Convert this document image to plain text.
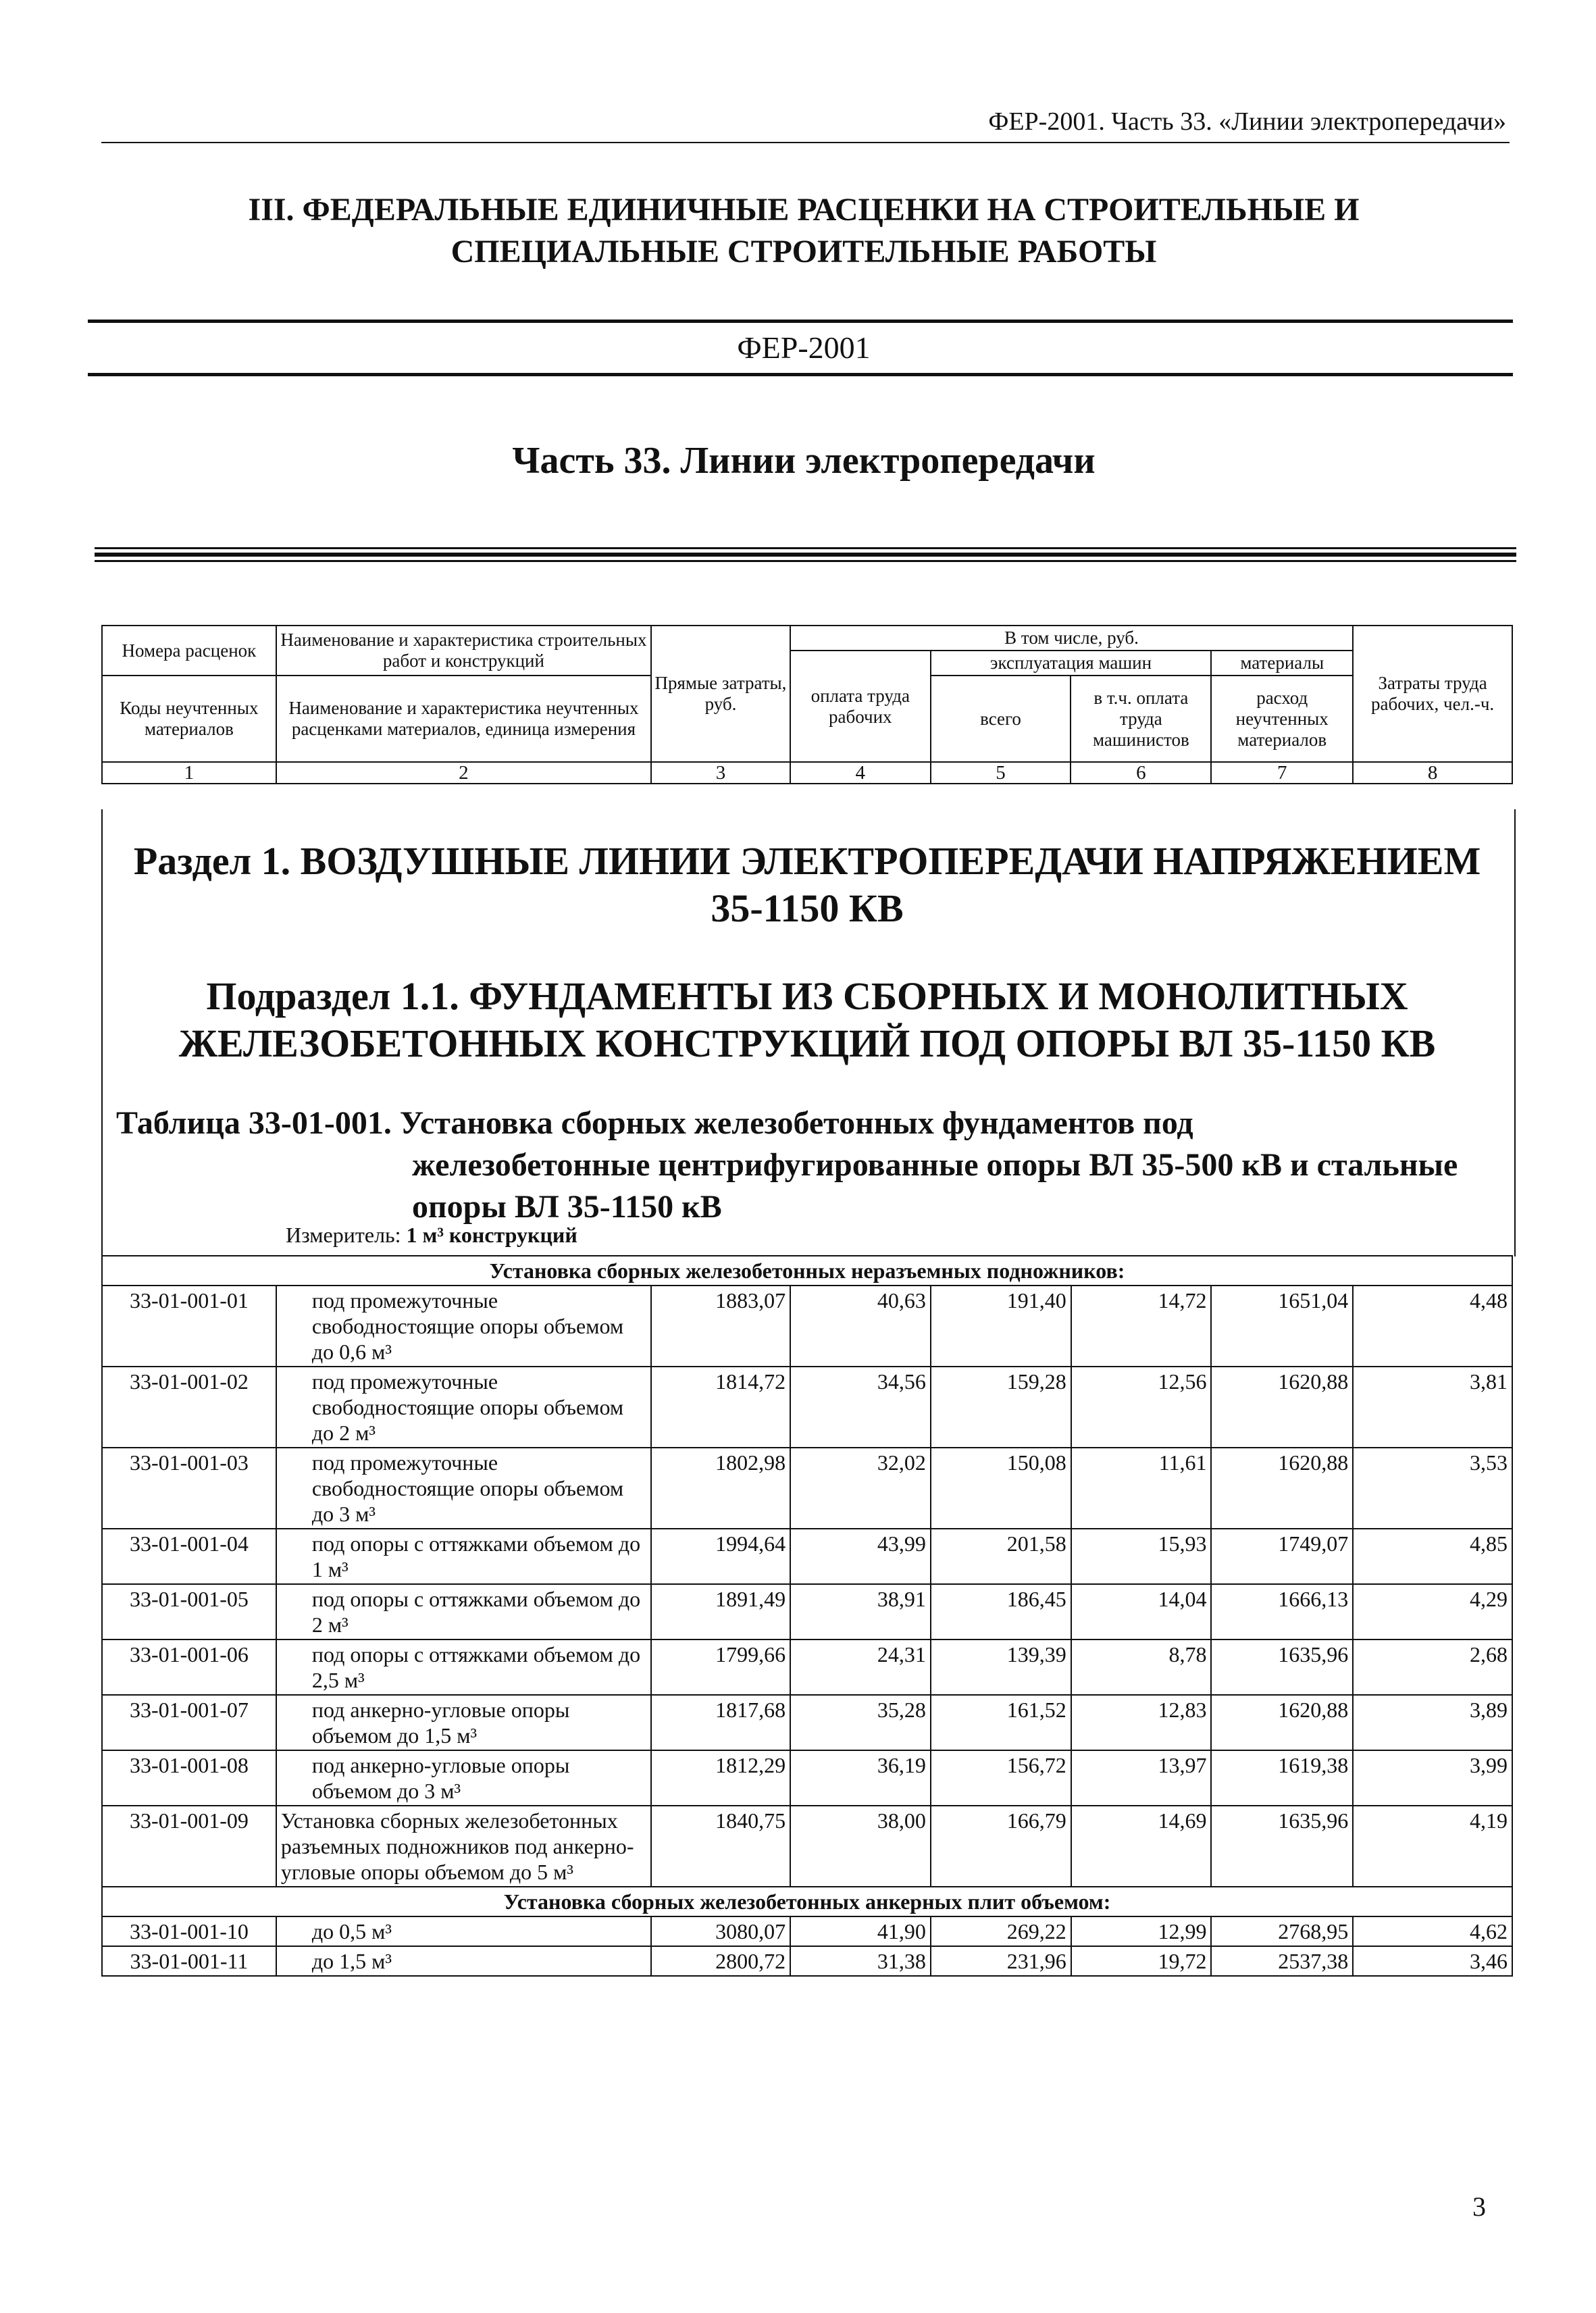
ФЕР-2001. Часть 33. «Линии электропередачи»
III. ФЕДЕРАЛЬНЫЕ ЕДИНИЧНЫЕ РАСЦЕНКИ НА СТРОИТЕЛЬНЫЕ И
СПЕЦИАЛЬНЫЕ СТРОИТЕЛЬНЫЕ РАБОТЫ
ФЕР-2001
Часть 33. Линии электропередачи
Номера расценок	Наименование и характеристика строительных работ и конструкций	Прямые затраты, руб.	В том числе, руб.				Затраты труда рабочих, чел.-ч.
			оплата труда рабочих	эксплуатация машин		материалы	
Коды неучтенных материалов	Наименование и характеристика неучтенных расценками материалов, единица измерения			всего	в т.ч. оплата труда машинистов	расход неучтенных материалов	

1	2	3	4	5	6	7	8
Раздел 1. ВОЗДУШНЫЕ ЛИНИИ ЭЛЕКТРОПЕРЕДАЧИ НАПРЯЖЕНИЕМ
35-1150 КВ
Подраздел 1.1. ФУНДАМЕНТЫ ИЗ СБОРНЫХ И МОНОЛИТНЫХ
ЖЕЛЕЗОБЕТОННЫХ КОНСТРУКЦИЙ ПОД ОПОРЫ ВЛ 35-1150 КВ
Таблица 33-01-001. Установка сборных железобетонных фундаментов под
железобетонные центрифугированные опоры ВЛ 35-500 кВ и стальные
опоры ВЛ 35-1150 кВ
Измеритель: 1 м³ конструкций
Установка сборных железобетонных неразъемных подножников:							
33-01-001-01	под промежуточные свободностоящие опоры объемом до 0,6 м³	1883,07	40,63	191,40	14,72	1651,04	4,48
33-01-001-02	под промежуточные свободностоящие опоры объемом до 2 м³	1814,72	34,56	159,28	12,56	1620,88	3,81
33-01-001-03	под промежуточные свободностоящие опоры объемом до 3 м³	1802,98	32,02	150,08	11,61	1620,88	3,53
33-01-001-04	под опоры с оттяжками объемом до 1 м³	1994,64	43,99	201,58	15,93	1749,07	4,85
33-01-001-05	под опоры с оттяжками объемом до 2 м³	1891,49	38,91	186,45	14,04	1666,13	4,29
33-01-001-06	под опоры с оттяжками объемом до 2,5 м³	1799,66	24,31	139,39	8,78	1635,96	2,68
33-01-001-07	под анкерно-угловые опоры объемом до 1,5 м³	1817,68	35,28	161,52	12,83	1620,88	3,89
33-01-001-08	под анкерно-угловые опоры объемом до 3 м³	1812,29	36,19	156,72	13,97	1619,38	3,99
33-01-001-09	Установка сборных железобетонных разъемных подножников под анкерно-угловые опоры объемом до 5 м³	1840,75	38,00	166,79	14,69	1635,96	4,19
Установка сборных железобетонных анкерных плит объемом:							
33-01-001-10	до 0,5 м³	3080,07	41,90	269,22	12,99	2768,95	4,62
33-01-001-11	до 1,5 м³	2800,72	31,38	231,96	19,72	2537,38	3,46
3
